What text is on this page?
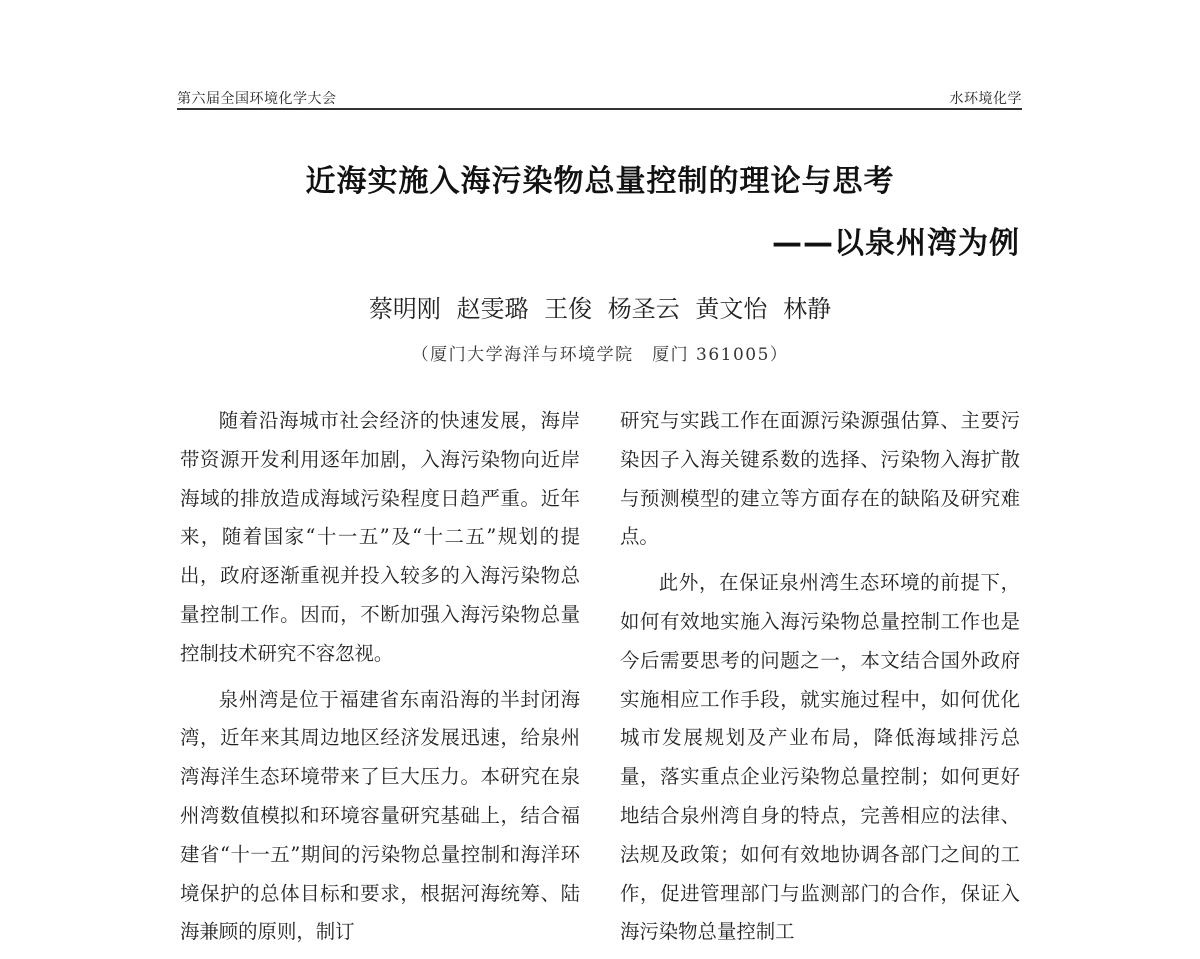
第六届全国环境化学大会	水环境化学
近海实施入海污染物总量控制的理论与思考
——以泉州湾为例
蔡明刚 赵雯璐 王俊 杨圣云 黄文怡 林静
（厦门大学海洋与环境学院　厦门 361005）

随着沿海城市社会经济的快速发展，海岸带资源开发利用逐年加剧，入海污染物向近岸海域的排放造成海域污染程度日趋严重。近年来，随着国家“十一五”及“十二五”规划的提出，政府逐渐重视并投入较多的入海污染物总量控制工作。因而，不断加强入海污染物总量控制技术研究不容忽视。

泉州湾是位于福建省东南沿海的半封闭海湾，近年来其周边地区经济发展迅速，给泉州湾海洋生态环境带来了巨大压力。本研究在泉州湾数值模拟和环境容量研究基础上，结合福建省“十一五”期间的污染物总量控制和海洋环境保护的总体目标和要求，根据河海统筹、陆海兼顾的原则，制订

研究与实践工作在面源污染源强估算、主要污染因子入海关键系数的选择、污染物入海扩散与预测模型的建立等方面存在的缺陷及研究难点。

此外，在保证泉州湾生态环境的前提下，如何有效地实施入海污染物总量控制工作也是今后需要思考的问题之一，本文结合国外政府实施相应工作手段，就实施过程中，如何优化城市发展规划及产业布局，降低海域排污总量，落实重点企业污染物总量控制；如何更好地结合泉州湾自身的特点，完善相应的法律、法规及政策；如何有效地协调各部门之间的工作，促进管理部门与监测部门的合作，保证入海污染物总量控制工
